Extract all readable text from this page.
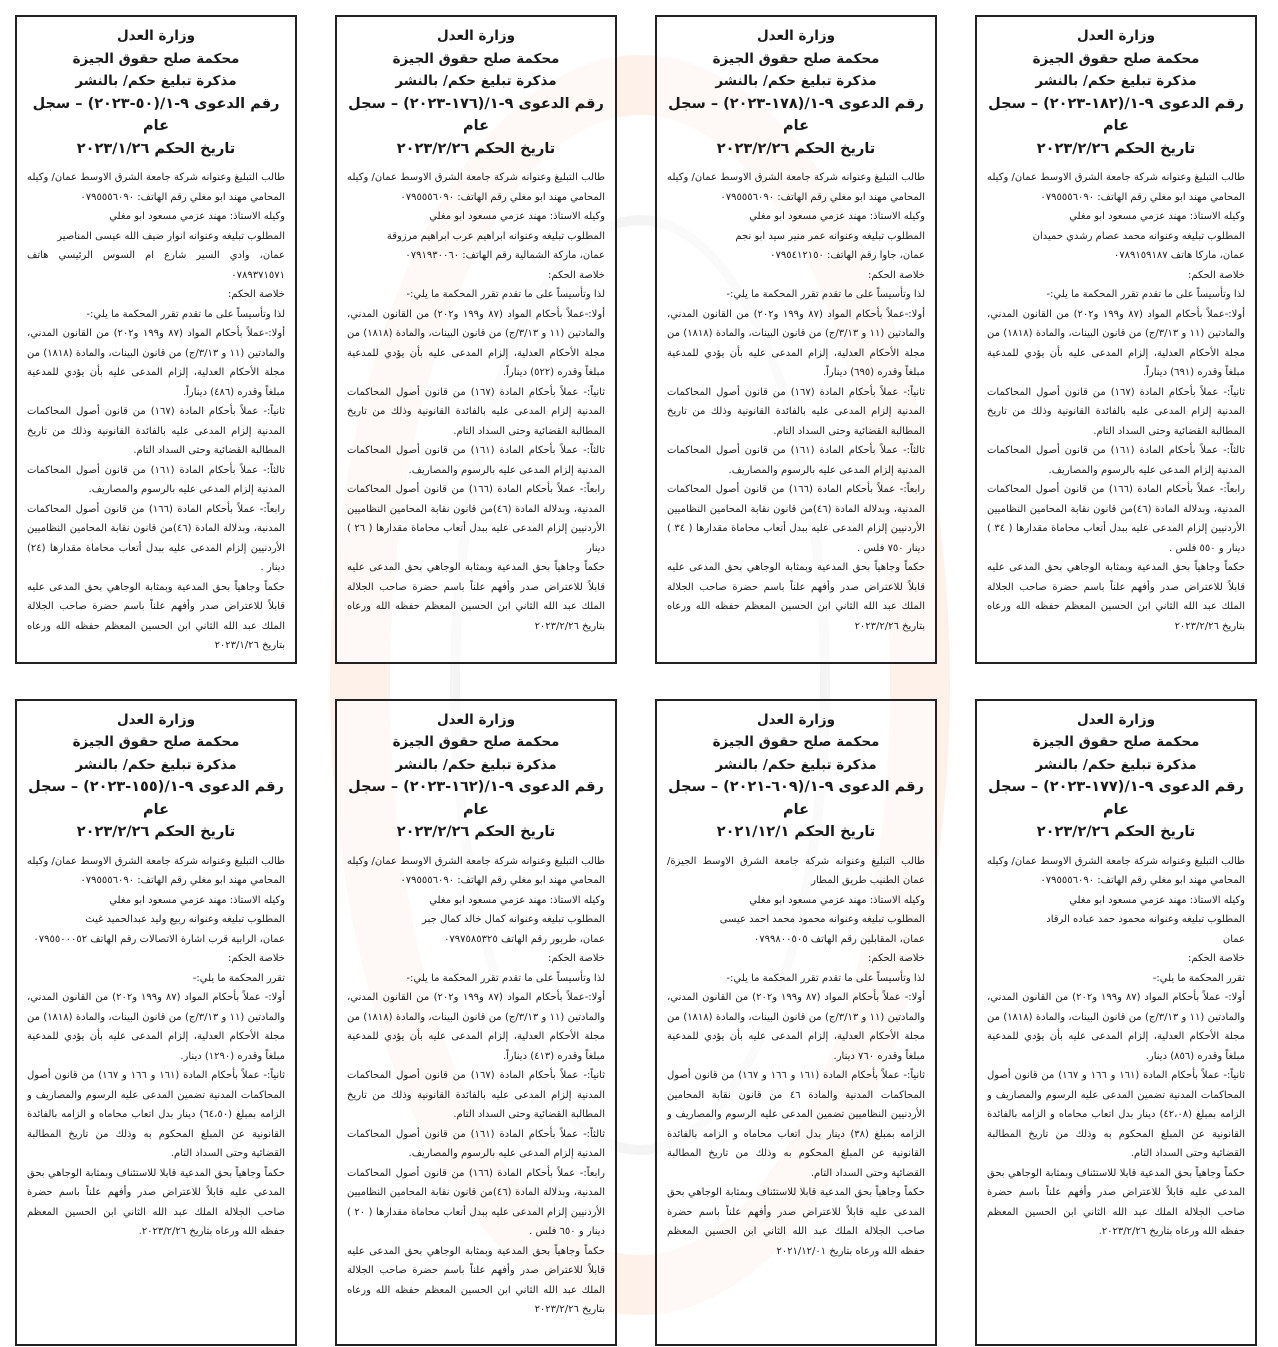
وزارة العدل
محكمة صلح حقوق الجيزة
مذكرة تبليغ حكم/ بالنشر
رقم الدعوى ٩-١/(١٨٢-٢٠٢٣) – سجل عام
تاريخ الحكم ٢٠٢٣/٢/٢٦

طالب التبليغ وعنوانه شركة جامعة الشرق الاوسط عمان/ وكيله المحامي مهند ابو مغلي رقم الهاتف: ٠٧٩٥٥٥٦٠٩٠

وكيله الاستاذ: مهند عزمي مسعود ابو مغلي

المطلوب تبليغه وعنوانه محمد عصام رشدي حميدان

عمان، ماركا هاتف ٠٧٨٩١٥٩١٨٧

خلاصة الحكم:

لذا وتأسيساً على ما تقدم تقرر المحكمة ما يلي:-

أولا:-عملاً بأحكام المواد (٨٧ و١٩٩ و٢٠٢) من القانون المدني، والمادتين (١١ و ٣/١٣/ج) من قانون البينات، والمادة (١٨١٨) من مجلة الأحكام العدلية، إلزام المدعى عليه بأن يؤدي للمدعية مبلغاً وقدره (٦٩١) ديناراً.

ثانياً:- عملاً بأحكام المادة (١٦٧) من قانون أصول المحاكمات المدنية إلزام المدعى عليه بالفائدة القانونية وذلك من تاريخ المطالبة القضائية وحتى السداد التام.

ثالثاً:- عملاً بأحكام المادة (١٦١) من قانون أصول المحاكمات المدنية إلزام المدعى عليه بالرسوم والمصاريف.

رابعاً:- عملاً بأحكام المادة (١٦٦) من قانون أصول المحاكمات المدنية، وبدلالة المادة (٤٦)من قانون نقابة المحامين النظاميين الأردنيين إلزام المدعى عليه ببدل أتعاب محاماة مقدارها ( ٣٤ ) دينار و ٥٥٠ فلس .

حكماً وجاهياً بحق المدعية وبمثابة الوجاهي بحق المدعى عليه قابلاً للاعتراض صدر وأفهم علناً باسم حضرة صاحب الجلالة الملك عبد الله الثاني ابن الحسين المعظم حفظه الله ورعاه بتاريخ ٢٠٢٣/٢/٢٦

وزارة العدل
محكمة صلح حقوق الجيزة
مذكرة تبليغ حكم/ بالنشر
رقم الدعوى ٩-١/(١٧٨-٢٠٢٣) – سجل عام
تاريخ الحكم ٢٠٢٣/٢/٢٦

طالب التبليغ وعنوانه شركة جامعة الشرق الاوسط عمان/ وكيله المحامي مهند ابو مغلي رقم الهاتف: ٠٧٩٥٥٥٦٠٩٠

وكيله الاستاذ: مهند عزمي مسعود ابو مغلي

المطلوب تبليغه وعنوانه عمر منير سيد ابو نجم

عمان، جاوا رقم الهاتف: ٠٧٩٥٤١٢١٥٠

خلاصة الحكم:

لذا وتأسيساً على ما تقدم تقرر المحكمة ما يلي:-

أولا:-عملاً بأحكام المواد (٨٧ و١٩٩ و٢٠٢) من القانون المدني، والمادتين (١١ و ٣/١٣/ج) من قانون البينات، والمادة (١٨١٨) من مجلة الأحكام العدلية، إلزام المدعى عليه بأن يؤدي للمدعية مبلغاً وقدره (٦٩٥) ديناراً.

ثانياً:- عملاً بأحكام المادة (١٦٧) من قانون أصول المحاكمات المدنية إلزام المدعى عليه بالفائدة القانونية وذلك من تاريخ المطالبة القضائية وحتى السداد التام.

ثالثاً:- عملاً بأحكام المادة (١٦١) من قانون أصول المحاكمات المدنية إلزام المدعى عليه بالرسوم والمصاريف.

رابعاً:- عملاً بأحكام المادة (١٦٦) من قانون أصول المحاكمات المدنية، وبدلالة المادة (٤٦)من قانون نقابة المحامين النظاميين الأردنيين إلزام المدعى عليه ببدل أتعاب محاماة مقدارها ( ٣٤ ) دينار ٧٥٠ فلس .

حكماً وجاهياً بحق المدعية وبمثابة الوجاهي بحق المدعى عليه قابلاً للاعتراض صدر وأفهم علناً باسم حضرة صاحب الجلالة الملك عبد الله الثاني ابن الحسين المعظم حفظه الله ورعاه بتاريخ ٢٠٢٣/٢/٢٦

وزارة العدل
محكمة صلح حقوق الجيزة
مذكرة تبليغ حكم/ بالنشر
رقم الدعوى ٩-١/(١٧٦-٢٠٢٣) – سجل عام
تاريخ الحكم ٢٠٢٣/٢/٢٦

طالب التبليغ وعنوانه شركة جامعة الشرق الاوسط عمان/ وكيله المحامي مهند ابو مغلي رقم الهاتف: ٠٧٩٥٥٥٦٠٩٠

وكيله الاستاذ: مهند عزمي مسعود ابو مغلي

المطلوب تبليغه وعنوانه ابراهيم عرب ابراهيم مرزوقة

عمان، ماركة الشمالية رقم الهاتف: ٠٧٩١٩٣٠٠٦٠

خلاصة الحكم:

لذا وتأسيساً على ما تقدم تقرر المحكمة ما يلي:-

أولا:-عملاً بأحكام المواد (٨٧ و١٩٩ و٢٠٢) من القانون المدني، والمادتين (١١ و ٣/١٣/ج) من قانون البينات، والمادة (١٨١٨) من مجلة الأحكام العدلية، إلزام المدعى عليه بأن يؤدي للمدعية مبلغاً وقدره (٥٢٢) ديناراً.

ثانياً:- عملاً بأحكام المادة (١٦٧) من قانون أصول المحاكمات المدنية إلزام المدعى عليه بالفائدة القانونية وذلك من تاريخ المطالبة القضائية وحتى السداد التام.

ثالثاً:- عملاً بأحكام المادة (١٦١) من قانون أصول المحاكمات المدنية إلزام المدعى عليه بالرسوم والمصاريف.

رابعاً:- عملاً بأحكام المادة (١٦٦) من قانون أصول المحاكمات المدنية، وبدلالة المادة (٤٦)من قانون نقابة المحامين النظاميين الأردنيين إلزام المدعى عليه ببدل أتعاب محاماة مقدارها ( ٢٦ ) دينار

حكماً وجاهياً بحق المدعية وبمثابة الوجاهي بحق المدعى عليه قابلاً للاعتراض صدر وأفهم علناً باسم حضرة صاحب الجلالة الملك عبد الله الثاني ابن الحسين المعظم حفظه الله ورعاه بتاريخ ٢٠٢٣/٢/٢٦

وزارة العدل
محكمة صلح حقوق الجيزة
مذكرة تبليغ حكم/ بالنشر
رقم الدعوى ٩-١/(٥٠-٢٠٢٣) – سجل عام
تاريخ الحكم ٢٠٢٣/١/٢٦

طالب التبليغ وعنوانه شركة جامعة الشرق الاوسط عمان/ وكيله المحامي مهند ابو مغلي رقم الهاتف: ٠٧٩٥٥٥٦٠٩٠

وكيله الاستاذ: مهند عزمي مسعود ابو مغلي

المطلوب تبليغه وعنوانه انوار ضيف الله عيسى المناصير

عمان، وادي السير شارع ام السوس الرئيسي هاتف ٠٧٨٩٣٧١٥٧١

خلاصة الحكم:

لذا وتأسيساً على ما تقدم تقرر المحكمة ما يلي:-

أولا:-عملاً بأحكام المواد (٨٧ و١٩٩ و٢٠٢) من القانون المدني، والمادتين (١١ و ٣/١٣/ج) من قانون البينات، والمادة (١٨١٨) من مجلة الأحكام العدلية، إلزام المدعى عليه بأن يؤدي للمدعية مبلغاً وقدره (٤٨٦) ديناراً.

ثانياً:- عملاً بأحكام المادة (١٦٧) من قانون أصول المحاكمات المدنية إلزام المدعى عليه بالفائدة القانونية وذلك من تاريخ المطالبة القضائية وحتى السداد التام.

ثالثاً:- عملاً بأحكام المادة (١٦١) من قانون أصول المحاكمات المدنية إلزام المدعى عليه بالرسوم والمصاريف.

رابعاً:- عملاً بأحكام المادة (١٦٦) من قانون أصول المحاكمات المدنية، وبدلالة المادة (٤٦)من قانون نقابة المحامين النظاميين الأردنيين إلزام المدعى عليه ببدل أتعاب محاماة مقدارها (٢٤) دينار .

حكماً وجاهياً بحق المدعية وبمثابة الوجاهي بحق المدعى عليه قابلاً للاعتراض صدر وأفهم علناً باسم حضرة صاحب الجلالة الملك عبد الله الثاني ابن الحسين المعظم حفظه الله ورعاه بتاريخ ٢٠٢٣/١/٢٦

وزارة العدل
محكمة صلح حقوق الجيزة
مذكرة تبليغ حكم/ بالنشر
رقم الدعوى ٩-١/(١٧٧-٢٠٢٣) – سجل عام
تاريخ الحكم ٢٠٢٣/٢/٢٦

طالب التبليغ وعنوانه شركة جامعة الشرق الاوسط عمان/ وكيله المحامي مهند ابو مغلي رقم الهاتف: ٠٧٩٥٥٥٦٠٩٠

وكيله الاستاذ: مهند عزمي مسعود ابو مغلي

المطلوب تبليغه وعنوانه محمود حمد عباده الرقاد

عمان

خلاصة الحكم:

تقرر المحكمة ما يلي:-

أولا:- عملاً بأحكام المواد (٨٧ و١٩٩ و٢٠٢) من القانون المدني، والمادتين (١١ و ٣/١٣/ج) من قانون البينات، والمادة (١٨١٨) من مجلة الأحكام العدلية، إلزام المدعى عليه بأن يؤدي للمدعية مبلغاً وقدره (٨٥٦) دينار.

ثانياً:- عملاً بأحكام المادة (١٦١ و ١٦٦ و ١٦٧) من قانون أصول المحاكمات المدنية تضمين المدعى عليه الرسوم والمصاريف و الزامه بمبلغ (٤٢،٠٨) دينار بدل اتعاب محاماه و الزامه بالفائدة القانونية عن المبلغ المحكوم به وذلك من تاريخ المطالبة القضائية وحتى السداد التام.

حكماً وجاهياً بحق المدعية قابلا للاستئناف وبمثابة الوجاهي بحق المدعى عليه قابلاً للاعتراض صدر وأفهم علناً باسم حضرة صاحب الجلالة الملك عبد الله الثاني ابن الحسين المعظم حفظه الله ورعاه بتاريخ ٢٠٢٣/٢/٢٦.

وزارة العدل
محكمة صلح حقوق الجيزة
مذكرة تبليغ حكم/ بالنشر
رقم الدعوى ٩-١/(٦٠٩-٢٠٢١) – سجل عام
تاريخ الحكم ٢٠٢١/١٢/١

طالب التبليغ وعنوانه شركة جامعة الشرق الاوسط الجيزة/ عمان الطنيب طريق المطار

وكيله الاستاذ: مهند عزمي مسعود ابو مغلي

المطلوب تبليغه وعنوانه محمود محمد احمد عيسى

عمان، المقابلين رقم الهاتف ٠٧٩٩٨٠٠٥٠٥

خلاصة الحكم:

لذا وتأسيساً على ما تقدم تقرر المحكمة ما يلي:-

أولا:- عملاً بأحكام المواد (٨٧ و١٩٩ و٢٠٢) من القانون المدني، والمادتين (١١ و ٣/١٣/ج) من قانون البينات، والمادة (١٨١٨) من مجلة الأحكام العدلية، إلزام المدعى عليه بأن يؤدي للمدعية مبلغاً وقدره ٧٦٠ دينار.

ثانياً:- عملاً بأحكام المادة (١٦١ و ١٦٦ و ١٦٧) من قانون أصول المحاكمات المدنية والمادة ٤٦ من قانون نقابة المحامين الأردنيين النظاميين تضمين المدعى عليه الرسوم والمصاريف و الزامه بمبلغ (٣٨) دينار بدل اتعاب محاماه و الزامه بالفائدة القانونية عن المبلغ المحكوم به وذلك من تاريخ المطالبة القضائية وحتى السداد التام.

حكماً وجاهياً بحق المدعية قابلا للاستئناف وبمثابة الوجاهي بحق المدعى عليه قابلاً للاعتراض صدر وأفهم علناً باسم حضرة صاحب الجلالة الملك عبد الله الثاني ابن الحسين المعظم حفظه الله ورعاه بتاريخ ٢٠٢١/١٢/٠١

وزارة العدل
محكمة صلح حقوق الجيزة
مذكرة تبليغ حكم/ بالنشر
رقم الدعوى ٩-١/(١٦٢-٢٠٢٣) – سجل عام
تاريخ الحكم ٢٠٢٣/٢/٢٦

طالب التبليغ وعنوانه شركة جامعة الشرق الاوسط عمان/ وكيله المحامي مهند ابو مغلي رقم الهاتف: ٠٧٩٥٥٥٦٠٩٠

وكيله الاستاذ: مهند عزمي مسعود ابو مغلي

المطلوب تبليغه وعنوانه كمال خالد كمال جبر

عمان، طربور رقم الهاتف ٠٧٩٧٥٨٥٣٢٥

خلاصة الحكم:

لذا وتأسيساً على ما تقدم تقرر المحكمة ما يلي:-

أولا:-عملاً بأحكام المواد (٨٧ و١٩٩ و٢٠٢) من القانون المدني، والمادتين (١١ و ٣/١٣/ج) من قانون البينات، والمادة (١٨١٨) من مجلة الأحكام العدلية، إلزام المدعى عليه بأن يؤدي للمدعية مبلغاً وقدره (٤١٣) ديناراً.

ثانياً:- عملاً بأحكام المادة (١٦٧) من قانون أصول المحاكمات المدنية إلزام المدعى عليه بالفائدة القانونية وذلك من تاريخ المطالبة القضائية وحتى السداد التام.

ثالثاً:- عملاً بأحكام المادة (١٦١) من قانون أصول المحاكمات المدنية إلزام المدعى عليه بالرسوم والمصاريف.

رابعاً:- عملاً بأحكام المادة (١٦٦) من قانون أصول المحاكمات المدنية، وبدلالة المادة (٤٦)من قانون نقابة المحامين النظاميين الأردنيين إلزام المدعى عليه ببدل أتعاب محاماة مقدارها ( ٢٠ ) دينار و ٦٥٠ فلس .

حكماً وجاهياً بحق المدعية وبمثابة الوجاهي بحق المدعى عليه قابلاً للاعتراض صدر وأفهم علناً باسم حضرة صاحب الجلالة الملك عبد الله الثاني ابن الحسين المعظم حفظه الله ورعاه بتاريخ ٢٠٢٣/٢/٢٦

وزارة العدل
محكمة صلح حقوق الجيزة
مذكرة تبليغ حكم/ بالنشر
رقم الدعوى ٩-١/(١٥٥-٢٠٢٣) – سجل عام
تاريخ الحكم ٢٠٢٣/٢/٢٦

طالب التبليغ وعنوانه شركة جامعة الشرق الاوسط عمان/ وكيله المحامي مهند ابو مغلي رقم الهاتف: ٠٧٩٥٥٥٦٠٩٠

وكيله الاستاذ: مهند عزمي مسعود ابو مغلي

المطلوب تبليغه وعنوانه ربيع وليد عبدالحميد غيث

عمان، الرابية قرب اشارة الاتصالات رقم الهاتف ٠٧٩٥٥٠٠٠٥٢

خلاصة الحكم:

تقرر المحكمة ما يلي:-

أولا:- عملاً بأحكام المواد (٨٧ و١٩٩ و٢٠٢) من القانون المدني، والمادتين (١١ و ٣/١٣/ج) من قانون البينات، والمادة (١٨١٨) من مجلة الأحكام العدلية، إلزام المدعى عليه بأن يؤدي للمدعية مبلغاً وقدره (١٢٩٠) دينار.

ثانياً:- عملاً بأحكام المادة (١٦١ و ١٦٦ و ١٦٧) من قانون أصول المحاكمات المدنية تضمين المدعى عليه الرسوم والمصاريف و الزامه بمبلغ (٦٤،٥٠) دينار بدل اتعاب محاماه و الزامه بالفائدة القانونية عن المبلغ المحكوم به وذلك من تاريخ المطالبة القضائية وحتى السداد التام.

حكماً وجاهياً بحق المدعية قابلا للاستئناف وبمثابة الوجاهي بحق المدعى عليه قابلاً للاعتراض صدر وأفهم علناً باسم حضرة صاحب الجلالة الملك عبد الله الثاني ابن الحسين المعظم حفظه الله ورعاه بتاريخ ٢٠٢٣/٢/٢٦.
